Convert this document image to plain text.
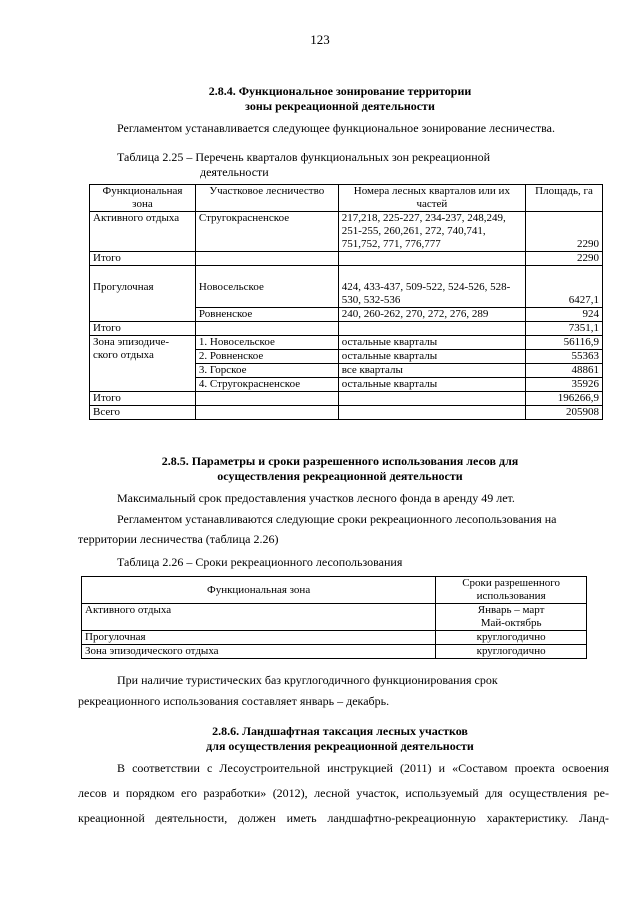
123
2.8.4. Функциональное зонирование территории
зоны рекреационной деятельности
Регламентом устанавливается следующее функциональное зонирование лесничества.
Таблица 2.25 – Перечень кварталов функциональных зон рекреационной
деятельности
Функциональная зона	Участковое лесничество	Номера лесных кварталов или их частей	Площадь, га
Активного отдыха	Стругокрасненское	217,218, 225-227, 234-237, 248,249, 251-255, 260,261, 272, 740,741, 751,752, 771, 776,777	2290
Итого			2290
Прогулочная	Новосельское	424, 433-437, 509-522, 524-526, 528-530, 532-536	6427,1
	Ровненское	240, 260-262, 270, 272, 276, 289	924
Итого			7351,1
Зона эпизодиче- ского отдыха	1. Новосельское	остальные кварталы	56116,9
	2. Ровненское	остальные кварталы	55363
	3. Горское	все кварталы	48861
	4. Стругокрасненское	остальные кварталы	35926
Итого			196266,9
Всего			205908
2.8.5. Параметры и сроки разрешенного использования лесов для
осуществления рекреационной деятельности
Максимальный срок предоставления участков лесного фонда в аренду 49 лет.
Регламентом устанавливаются следующие сроки рекреационного лесопользования на
территории лесничества (таблица 2.26)
Таблица 2.26 – Сроки рекреационного лесопользования
Функциональная зона	Сроки разрешенного использования
Активного отдыха	Январь – март
Май-октябрь

Прогулочная	круглогодично
Зона эпизодического отдыха	круглогодично
При наличие туристических баз круглогодичного функционирования срок
рекреационного использования составляет январь – декабрь.
2.8.6. Ландшафтная таксация лесных участков
для осуществления рекреационной деятельности
В соответствии с Лесоустроительной инструкцией (2011) и «Составом проекта освоения
лесов и порядком его разработки» (2012), лесной участок, используемый для осуществления ре-
креационной деятельности, должен иметь ландшафтно-рекреационную характеристику. Ланд-
